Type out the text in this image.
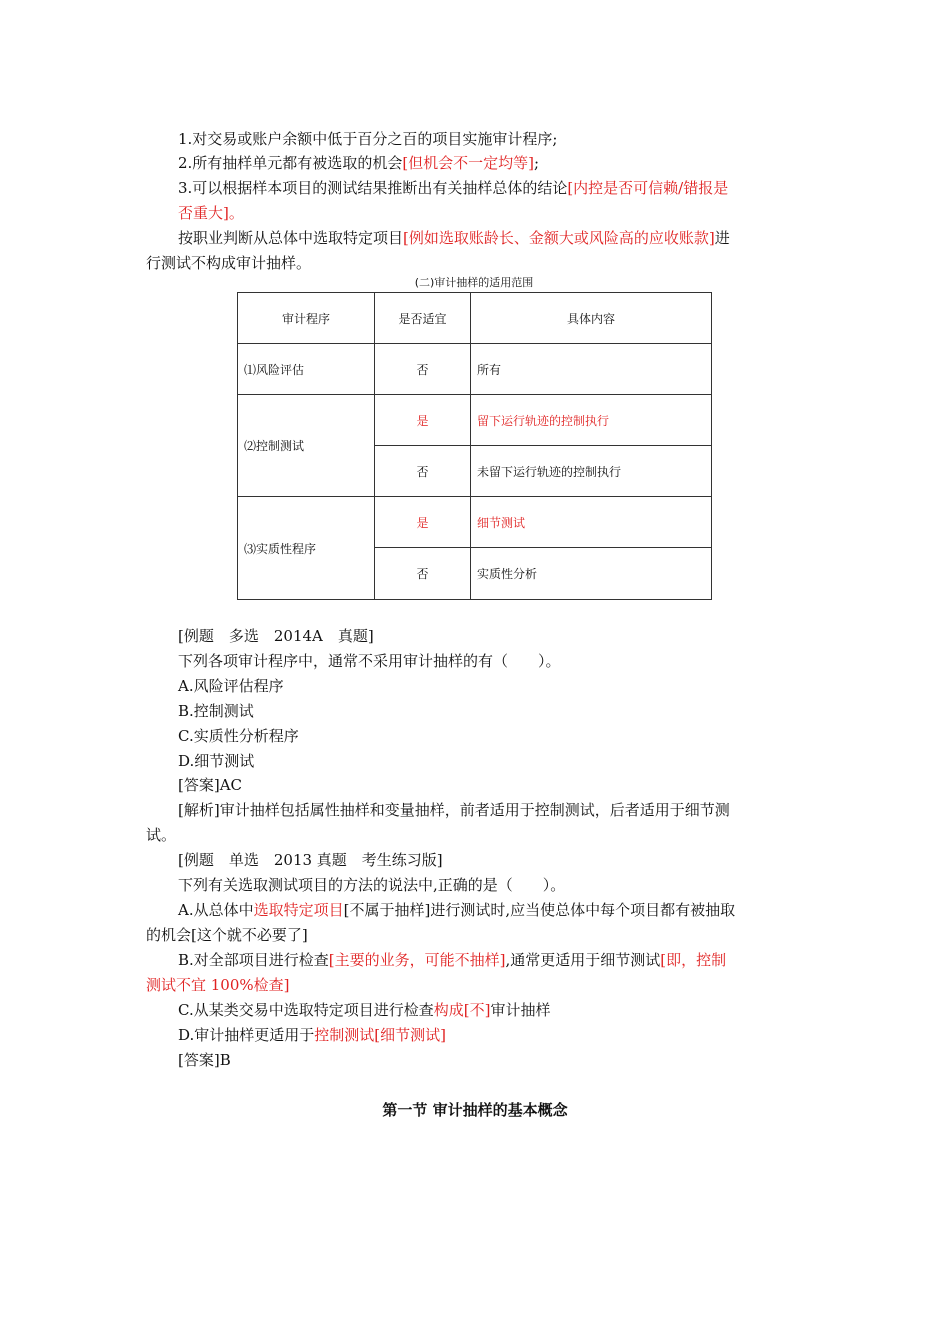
1.对交易或账户余额中低于百分之百的项目实施审计程序;
2.所有抽样单元都有被选取的机会[但机会不一定均等];
3.可以根据样本项目的测试结果推断出有关抽样总体的结论[内控是否可信赖/错报是
否重大]。
按职业判断从总体中选取特定项目[例如选取账龄长、金额大或风险高的应收账款]进
行测试不构成审计抽样。
(二)审计抽样的适用范围
审计程序	是否适宜	具体内容
⑴风险评估	否	所有
⑵控制测试	是	留下运行轨迹的控制执行
	否	未留下运行轨迹的控制执行
⑶实质性程序	是	细节测试
	否	实质性分析
[例题　多选　2014A　真题]
下列各项审计程序中，通常不采用审计抽样的有（　　）。
A.风险评估程序
B.控制测试
C.实质性分析程序
D.细节测试
[答案]AC
[解析]审计抽样包括属性抽样和变量抽样，前者适用于控制测试，后者适用于细节测
试。
[例题　单选　2013 真题　考生练习版]
下列有关选取测试项目的方法的说法中,正确的是（　　）。
A.从总体中选取特定项目[不属于抽样]进行测试时,应当使总体中每个项目都有被抽取
的机会[这个就不必要了]
B.对全部项目进行检查[主要的业务，可能不抽样],通常更适用于细节测试[即，控制
测试不宜 100%检查]
C.从某类交易中选取特定项目进行检查构成[不]审计抽样
D.审计抽样更适用于控制测试[细节测试]
[答案]B
第一节 审计抽样的基本概念
